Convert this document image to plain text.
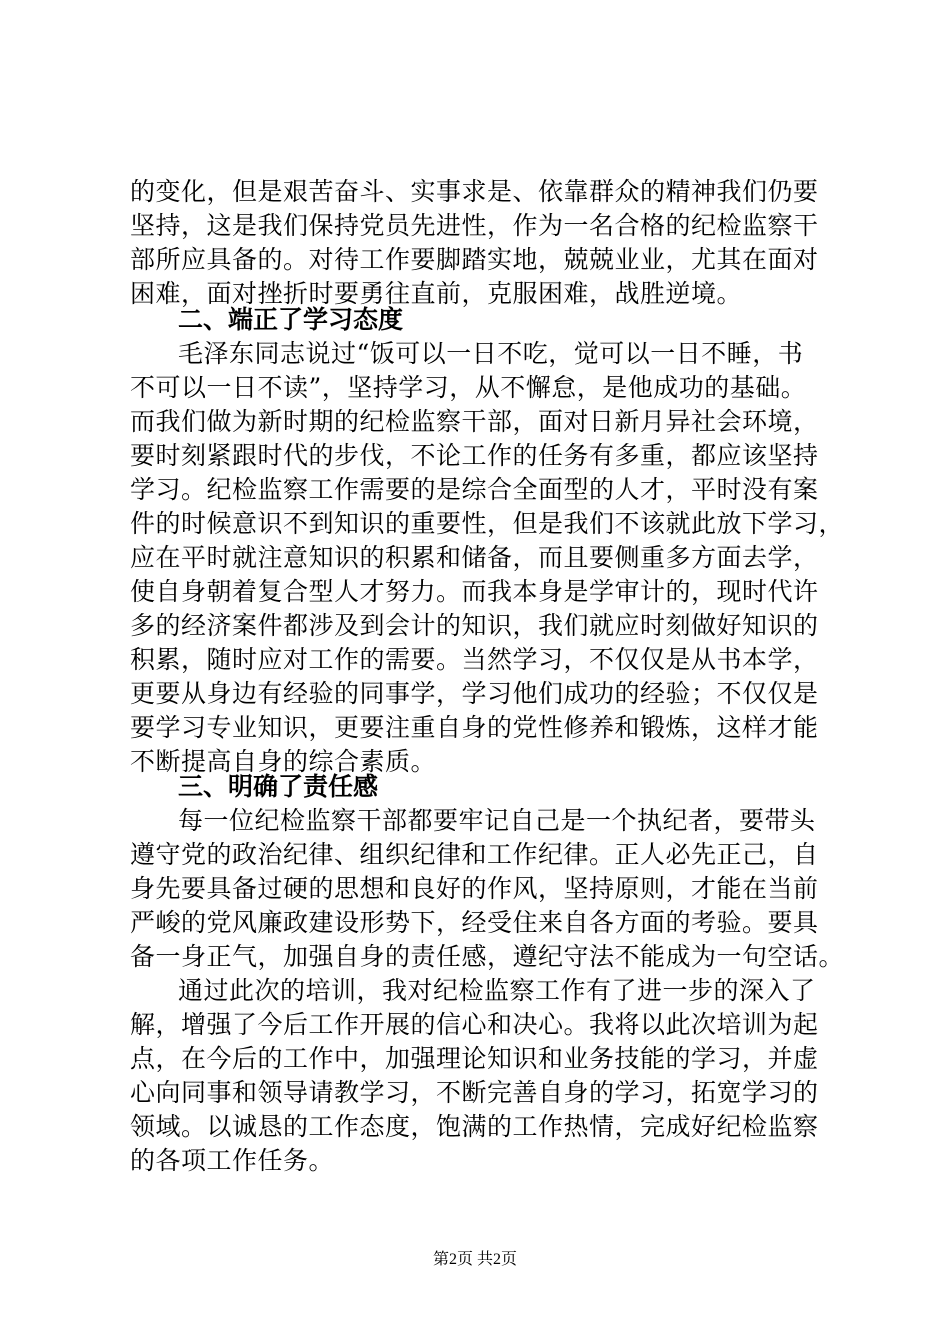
的变化，但是艰苦奋斗、实事求是、依靠群众的精神我们仍要
坚持，这是我们保持党员先进性，作为一名合格的纪检监察干
部所应具备的。对待工作要脚踏实地，兢兢业业，尤其在面对
困难，面对挫折时要勇往直前，克服困难，战胜逆境。
二、端正了学习态度
毛泽东同志说过“饭可以一日不吃，觉可以一日不睡，书
不可以一日不读”，坚持学习，从不懈怠，是他成功的基础。
而我们做为新时期的纪检监察干部，面对日新月异社会环境，
要时刻紧跟时代的步伐，不论工作的任务有多重，都应该坚持
学习。纪检监察工作需要的是综合全面型的人才，平时没有案
件的时候意识不到知识的重要性，但是我们不该就此放下学习，
应在平时就注意知识的积累和储备，而且要侧重多方面去学，
使自身朝着复合型人才努力。而我本身是学审计的，现时代许
多的经济案件都涉及到会计的知识，我们就应时刻做好知识的
积累，随时应对工作的需要。当然学习，不仅仅是从书本学，
更要从身边有经验的同事学，学习他们成功的经验；不仅仅是
要学习专业知识，更要注重自身的党性修养和锻炼，这样才能
不断提高自身的综合素质。
三、明确了责任感
每一位纪检监察干部都要牢记自己是一个执纪者，要带头
遵守党的政治纪律、组织纪律和工作纪律。正人必先正己，自
身先要具备过硬的思想和良好的作风，坚持原则，才能在当前
严峻的党风廉政建设形势下，经受住来自各方面的考验。要具
备一身正气，加强自身的责任感，遵纪守法不能成为一句空话。
通过此次的培训，我对纪检监察工作有了进一步的深入了
解，增强了今后工作开展的信心和决心。我将以此次培训为起
点，在今后的工作中，加强理论知识和业务技能的学习，并虚
心向同事和领导请教学习，不断完善自身的学习，拓宽学习的
领域。以诚恳的工作态度，饱满的工作热情，完成好纪检监察
的各项工作任务。
第2页 共2页
